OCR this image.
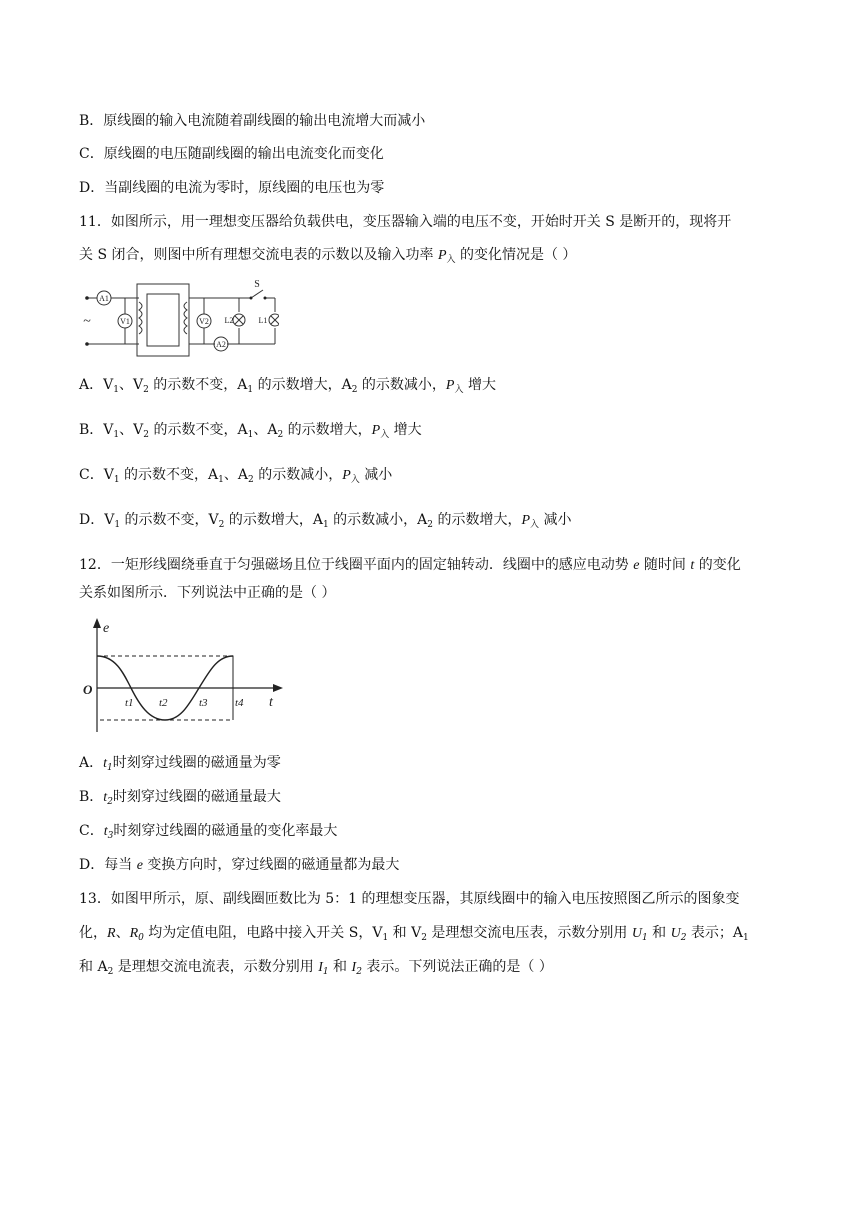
B．原线圈的输入电流随着副线圈的输出电流增大而减小
C．原线圈的电压随副线圈的输出电流变化而变化
D．当副线圈的电流为零时，原线圈的电压也为零
11．如图所示，用一理想变压器给负载供电，变压器输入端的电压不变，开始时开关 S 是断开的，现将开
关 S 闭合，则图中所有理想交流电表的示数以及输入功率 $P_入$ 的变化情况是（ ）
A1
V1	V2 L2	L1
A2
S
~
A．$V_1$、$V_2$ 的示数不变，$A_1$ 的示数增大，$A_2$ 的示数减小，$P_入$ 增大
B．$V_1$、$V_2$ 的示数不变，$A_1$、$A_2$ 的示数增大，$P_入$ 增大
C．$V_1$ 的示数不变，$A_1$、$A_2$ 的示数减小，$P_入$ 减小
D．$V_1$ 的示数不变，$V_2$ 的示数增大，$A_1$ 的示数减小，$A_2$ 的示数增大，$P_入$ 减小
12．一矩形线圈绕垂直于匀强磁场且位于线圈平面内的固定轴转动．线圈中的感应电动势 e 随时间 t 的变化
关系如图所示．下列说法中正确的是（ ）
e
t
O
t1 t2	t3 t4
A．$t_1$时刻穿过线圈的磁通量为零
B．$t_2$时刻穿过线圈的磁通量最大
C．$t_3$时刻穿过线圈的磁通量的变化率最大
D．每当 e 变换方向时，穿过线圈的磁通量都为最大
13．如图甲所示，原、副线圈匝数比为 5：1 的理想变压器，其原线圈中的输入电压按照图乙所示的图象变
化，R、$R_0$ 均为定值电阻，电路中接入开关 S，$V_1$ 和 $V_2$ 是理想交流电压表，示数分别用 $U_1$ 和 $U_2$ 表示；$A_1$
和 $A_2$ 是理想交流电流表，示数分别用 $I_1$ 和 $I_2$ 表示。下列说法正确的是（ ）
